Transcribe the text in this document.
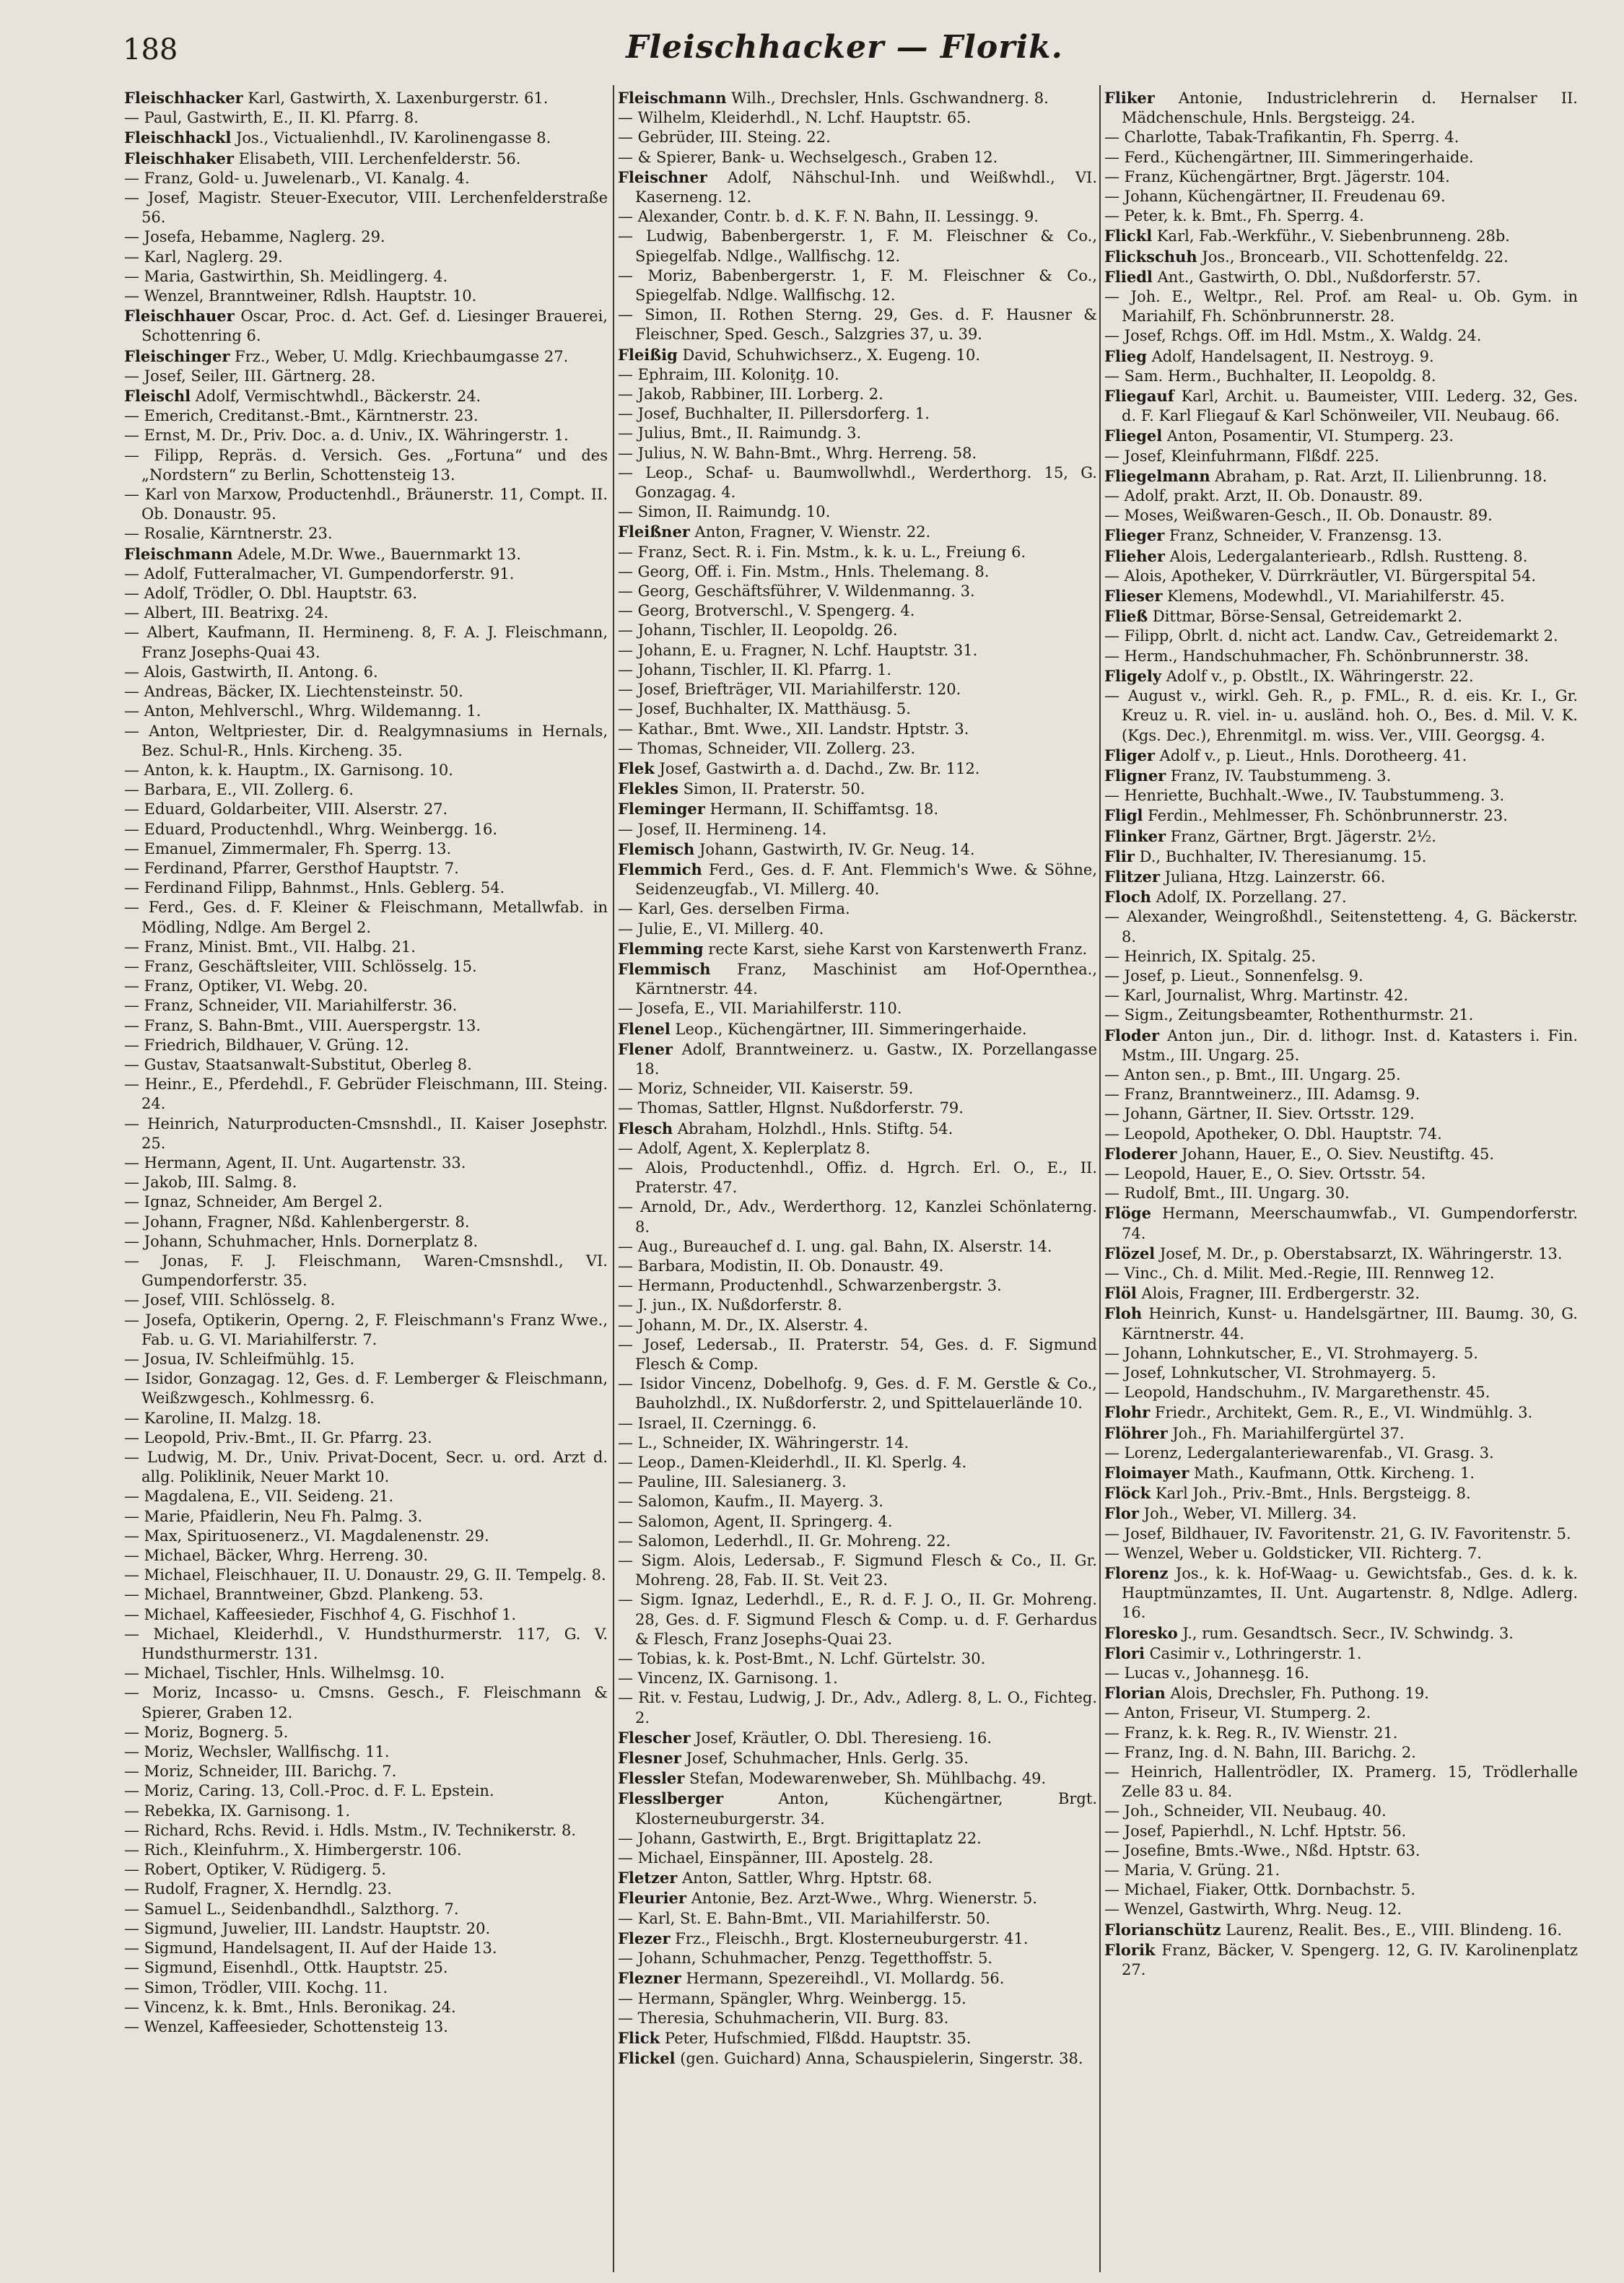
188	Fleischhacker — Florik.
Fleischhacker Karl, Gastwirth, X. Laxenburgerstr. 61.
— Paul, Gastwirth, E., II. Kl. Pfarrg. 8.
Fleischhackl Jos., Victualienhdl., IV. Karolinengasse 8.
Fleischhaker Elisabeth, VIII. Lerchenfelderstr. 56.
— Franz, Gold- u. Juwelenarb., VI. Kanalg. 4.
— Josef, Magistr. Steuer-Executor, VIII. Lerchenfelderstraße 56.
— Josefa, Hebamme, Naglerg. 29.
— Karl, Naglerg. 29.
— Maria, Gastwirthin, Sh. Meidlingerg. 4.
— Wenzel, Branntweiner, Rdlsh. Hauptstr. 10.
Fleischhauer Oscar, Proc. d. Act. Gef. d. Liesinger Brauerei, Schottenring 6.
Fleischinger Frz., Weber, U. Mdlg. Kriechbaumgasse 27.
— Josef, Seiler, III. Gärtnerg. 28.
Fleischl Adolf, Vermischtwhdl., Bäckerstr. 24.
— Emerich, Creditanst.-Bmt., Kärntnerstr. 23.
— Ernst, M. Dr., Priv. Doc. a. d. Univ., IX. Währingerstr. 1.
— Filipp, Repräs. d. Versich. Ges. „Fortuna“ und des „Nordstern“ zu Berlin, Schottensteig 13.
— Karl von Marxow, Productenhdl., Bräunerstr. 11, Compt. II. Ob. Donaustr. 95.
— Rosalie, Kärntnerstr. 23.
Fleischmann Adele, M.Dr. Wwe., Bauernmarkt 13.
— Adolf, Futteralmacher, VI. Gumpendorferstr. 91.
— Adolf, Trödler, O. Dbl. Hauptstr. 63.
— Albert, III. Beatrixg. 24.
— Albert, Kaufmann, II. Hermineng. 8, F. A. J. Fleischmann, Franz Josephs-Quai 43.
— Alois, Gastwirth, II. Antong. 6.
— Andreas, Bäcker, IX. Liechtensteinstr. 50.
— Anton, Mehlverschl., Whrg. Wildemanng. 1.
— Anton, Weltpriester, Dir. d. Realgymnasiums in Hernals, Bez. Schul-R., Hnls. Kircheng. 35.
— Anton, k. k. Hauptm., IX. Garnisong. 10.
— Barbara, E., VII. Zollerg. 6.
— Eduard, Goldarbeiter, VIII. Alserstr. 27.
— Eduard, Productenhdl., Whrg. Weinbergg. 16.
— Emanuel, Zimmermaler, Fh. Sperrg. 13.
— Ferdinand, Pfarrer, Gersthof Hauptstr. 7.
— Ferdinand Filipp, Bahnmst., Hnls. Geblerg. 54.
— Ferd., Ges. d. F. Kleiner & Fleischmann, Metallwfab. in Mödling, Ndlge. Am Bergel 2.
— Franz, Minist. Bmt., VII. Halbg. 21.
— Franz, Geschäftsleiter, VIII. Schlösselg. 15.
— Franz, Optiker, VI. Webg. 20.
— Franz, Schneider, VII. Mariahilferstr. 36.
— Franz, S. Bahn-Bmt., VIII. Auerspergstr. 13.
— Friedrich, Bildhauer, V. Grüng. 12.
— Gustav, Staatsanwalt-Substitut, Oberleg 8.
— Heinr., E., Pferdehdl., F. Gebrüder Fleischmann, III. Steing. 24.
— Heinrich, Naturproducten-Cmsnshdl., II. Kaiser Josephstr. 25.
— Hermann, Agent, II. Unt. Augartenstr. 33.
— Jakob, III. Salmg. 8.
— Ignaz, Schneider, Am Bergel 2.
— Johann, Fragner, Nßd. Kahlenbergerstr. 8.
— Johann, Schuhmacher, Hnls. Dornerplatz 8.
— Jonas, F. J. Fleischmann, Waren-Cmsnshdl., VI. Gumpendorferstr. 35.
— Josef, VIII. Schlösselg. 8.
— Josefa, Optikerin, Operng. 2, F. Fleischmann's Franz Wwe., Fab. u. G. VI. Mariahilferstr. 7.
— Josua, IV. Schleifmühlg. 15.
— Isidor, Gonzagag. 12, Ges. d. F. Lemberger & Fleischmann, Weißzwgesch., Kohlmessrg. 6.
— Karoline, II. Malzg. 18.
— Leopold, Priv.-Bmt., II. Gr. Pfarrg. 23.
— Ludwig, M. Dr., Univ. Privat-Docent, Secr. u. ord. Arzt d. allg. Poliklinik, Neuer Markt 10.
— Magdalena, E., VII. Seideng. 21.
— Marie, Pfaidlerin, Neu Fh. Palmg. 3.
— Max, Spirituosenerz., VI. Magdalenenstr. 29.
— Michael, Bäcker, Whrg. Herreng. 30.
— Michael, Fleischhauer, II. U. Donaustr. 29, G. II. Tempelg. 8.
— Michael, Branntweiner, Gbzd. Plankeng. 53.
— Michael, Kaffeesieder, Fischhof 4, G. Fischhof 1.
— Michael, Kleiderhdl., V. Hundsthurmerstr. 117, G. V. Hundsthurmerstr. 131.
— Michael, Tischler, Hnls. Wilhelmsg. 10.
— Moriz, Incasso- u. Cmsns. Gesch., F. Fleischmann & Spierer, Graben 12.
— Moriz, Bognerg. 5.
— Moriz, Wechsler, Wallfischg. 11.
— Moriz, Schneider, III. Barichg. 7.
— Moriz, Caring. 13, Coll.-Proc. d. F. L. Epstein.
— Rebekka, IX. Garnisong. 1.
— Richard, Rchs. Revid. i. Hdls. Mstm., IV. Technikerstr. 8.
— Rich., Kleinfuhrm., X. Himbergerstr. 106.
— Robert, Optiker, V. Rüdigerg. 5.
— Rudolf, Fragner, X. Herndlg. 23.
— Samuel L., Seidenbandhdl., Salzthorg. 7.
— Sigmund, Juwelier, III. Landstr. Hauptstr. 20.
— Sigmund, Handelsagent, II. Auf der Haide 13.
— Sigmund, Eisenhdl., Ottk. Hauptstr. 25.
— Simon, Trödler, VIII. Kochg. 11.
— Vincenz, k. k. Bmt., Hnls. Beronikag. 24.
— Wenzel, Kaffeesieder, Schottensteig 13.
Fleischmann Wilh., Drechsler, Hnls. Gschwandnerg. 8.
— Wilhelm, Kleiderhdl., N. Lchf. Hauptstr. 65.
— Gebrüder, III. Steing. 22.
— & Spierer, Bank- u. Wechselgesch., Graben 12.
Fleischner Adolf, Nähschul-Inh. und Weißwhdl., VI. Kaserneng. 12.
— Alexander, Contr. b. d. K. F. N. Bahn, II. Lessingg. 9.
— Ludwig, Babenbergerstr. 1, F. M. Fleischner & Co., Spiegelfab. Ndlge., Wallfischg. 12.
— Moriz, Babenbergerstr. 1, F. M. Fleischner & Co., Spiegelfab. Ndlge. Wallfischg. 12.
— Simon, II. Rothen Sterng. 29, Ges. d. F. Hausner & Fleischner, Sped. Gesch., Salzgries 37, u. 39.
Fleißig David, Schuhwichserz., X. Eugeng. 10.
— Ephraim, III. Koloniţg. 10.
— Jakob, Rabbiner, III. Lorberg. 2.
— Josef, Buchhalter, II. Pillersdorferg. 1.
— Julius, Bmt., II. Raimundg. 3.
— Julius, N. W. Bahn-Bmt., Whrg. Herreng. 58.
— Leop., Schaf- u. Baumwollwhdl., Werderthorg. 15, G. Gonzagag. 4.
— Simon, II. Raimundg. 10.
Fleißner Anton, Fragner, V. Wienstr. 22.
— Franz, Sect. R. i. Fin. Mstm., k. k. u. L., Freiung 6.
— Georg, Off. i. Fin. Mstm., Hnls. Thelemang. 8.
— Georg, Geschäftsführer, V. Wildenmanng. 3.
— Georg, Brotverschl., V. Spengerg. 4.
— Johann, Tischler, II. Leopoldg. 26.
— Johann, E. u. Fragner, N. Lchf. Hauptstr. 31.
— Johann, Tischler, II. Kl. Pfarrg. 1.
— Josef, Briefträger, VII. Mariahilferstr. 120.
— Josef, Buchhalter, IX. Matthäusg. 5.
— Kathar., Bmt. Wwe., XII. Landstr. Hptstr. 3.
— Thomas, Schneider, VII. Zollerg. 23.
Flek Josef, Gastwirth a. d. Dachd., Zw. Br. 112.
Flekles Simon, II. Praterstr. 50.
Fleminger Hermann, II. Schiffamtsg. 18.
— Josef, II. Hermineng. 14.
Flemisch Johann, Gastwirth, IV. Gr. Neug. 14.
Flemmich Ferd., Ges. d. F. Ant. Flemmich's Wwe. & Söhne, Seidenzeugfab., VI. Millerg. 40.
— Karl, Ges. derselben Firma.
— Julie, E., VI. Millerg. 40.
Flemming recte Karst, siehe Karst von Karstenwerth Franz.
Flemmisch Franz, Maschinist am Hof-Opernthea., Kärntnerstr. 44.
— Josefa, E., VII. Mariahilferstr. 110.
Flenel Leop., Küchengärtner, III. Simmeringerhaide.
Flener Adolf, Branntweinerz. u. Gastw., IX. Porzellangasse 18.
— Moriz, Schneider, VII. Kaiserstr. 59.
— Thomas, Sattler, Hlgnst. Nußdorferstr. 79.
Flesch Abraham, Holzhdl., Hnls. Stiftg. 54.
— Adolf, Agent, X. Keplerplatz 8.
— Alois, Productenhdl., Offiz. d. Hgrch. Erl. O., E., II. Praterstr. 47.
— Arnold, Dr., Adv., Werderthorg. 12, Kanzlei Schönlaterng. 8.
— Aug., Bureauchef d. I. ung. gal. Bahn, IX. Alserstr. 14.
— Barbara, Modistin, II. Ob. Donaustr. 49.
— Hermann, Productenhdl., Schwarzenbergstr. 3.
— J. jun., IX. Nußdorferstr. 8.
— Johann, M. Dr., IX. Alserstr. 4.
— Josef, Ledersab., II. Praterstr. 54, Ges. d. F. Sigmund Flesch & Comp.
— Isidor Vincenz, Dobelhofg. 9, Ges. d. F. M. Gerstle & Co., Bauholzhdl., IX. Nußdorferstr. 2, und Spittelauerlände 10.
— Israel, II. Czerningg. 6.
— L., Schneider, IX. Währingerstr. 14.
— Leop., Damen-Kleiderhdl., II. Kl. Sperlg. 4.
— Pauline, III. Salesianerg. 3.
— Salomon, Kaufm., II. Mayerg. 3.
— Salomon, Agent, II. Springerg. 4.
— Salomon, Lederhdl., II. Gr. Mohreng. 22.
— Sigm. Alois, Ledersab., F. Sigmund Flesch & Co., II. Gr. Mohreng. 28, Fab. II. St. Veit 23.
— Sigm. Ignaz, Lederhdl., E., R. d. F. J. O., II. Gr. Mohreng. 28, Ges. d. F. Sigmund Flesch & Comp. u. d. F. Gerhardus & Flesch, Franz Josephs-Quai 23.
— Tobias, k. k. Post-Bmt., N. Lchf. Gürtelstr. 30.
— Vincenz, IX. Garnisong. 1.
— Rit. v. Festau, Ludwig, J. Dr., Adv., Adlerg. 8, L. O., Fichteg. 2.
Flescher Josef, Kräutler, O. Dbl. Theresieng. 16.
Flesner Josef, Schuhmacher, Hnls. Gerlg. 35.
Flessler Stefan, Modewarenweber, Sh. Mühlbachg. 49.
Flesslberger Anton, Küchengärtner, Brgt. Klosterneuburgerstr. 34.
— Johann, Gastwirth, E., Brgt. Brigittaplatz 22.
— Michael, Einspänner, III. Apostelg. 28.
Fletzer Anton, Sattler, Whrg. Hptstr. 68.
Fleurier Antonie, Bez. Arzt-Wwe., Whrg. Wienerstr. 5.
— Karl, St. E. Bahn-Bmt., VII. Mariahilferstr. 50.
Flezer Frz., Fleischh., Brgt. Klosterneuburgerstr. 41.
— Johann, Schuhmacher, Penzg. Tegetthoffstr. 5.
Flezner Hermann, Spezereihdl., VI. Mollardg. 56.
— Hermann, Spängler, Whrg. Weinbergg. 15.
— Theresia, Schuhmacherin, VII. Burg. 83.
Flick Peter, Hufschmied, Flßdd. Hauptstr. 35.
Flickel (gen. Guichard) Anna, Schauspielerin, Singerstr. 38.
Fliker Antonie, Industriclehrerin d. Hernalser II. Mädchenschule, Hnls. Bergsteigg. 24.
— Charlotte, Tabak-Trafikantin, Fh. Sperrg. 4.
— Ferd., Küchengärtner, III. Simmeringerhaide.
— Franz, Küchengärtner, Brgt. Jägerstr. 104.
— Johann, Küchengärtner, II. Freudenau 69.
— Peter, k. k. Bmt., Fh. Sperrg. 4.
Flickl Karl, Fab.-Werkführ., V. Siebenbrunneng. 28b.
Flickschuh Jos., Broncearb., VII. Schottenfeldg. 22.
Fliedl Ant., Gastwirth, O. Dbl., Nußdorferstr. 57.
— Joh. E., Weltpr., Rel. Prof. am Real- u. Ob. Gym. in Mariahilf, Fh. Schönbrunnerstr. 28.
— Josef, Rchgs. Off. im Hdl. Mstm., X. Waldg. 24.
Flieg Adolf, Handelsagent, II. Nestroyg. 9.
— Sam. Herm., Buchhalter, II. Leopoldg. 8.
Fliegauf Karl, Archit. u. Baumeister, VIII. Lederg. 32, Ges. d. F. Karl Fliegauf & Karl Schönweiler, VII. Neubaug. 66.
Fliegel Anton, Posamentir, VI. Stumperg. 23.
— Josef, Kleinfuhrmann, Flßdf. 225.
Fliegelmann Abraham, p. Rat. Arzt, II. Lilienbrunng. 18.
— Adolf, prakt. Arzt, II. Ob. Donaustr. 89.
— Moses, Weißwaren-Gesch., II. Ob. Donaustr. 89.
Flieger Franz, Schneider, V. Franzensg. 13.
Flieher Alois, Ledergalanteriearb., Rdlsh. Rustteng. 8.
— Alois, Apotheker, V. Dürrkräutler, VI. Bürgerspital 54.
Flieser Klemens, Modewhdl., VI. Mariahilferstr. 45.
Fließ Dittmar, Börse-Sensal, Getreidemarkt 2.
— Filipp, Obrlt. d. nicht act. Landw. Cav., Getreidemarkt 2.
— Herm., Handschuhmacher, Fh. Schönbrunnerstr. 38.
Fligely Adolf v., p. Obstlt., IX. Währingerstr. 22.
— August v., wirkl. Geh. R., p. FML., R. d. eis. Kr. I., Gr. Kreuz u. R. viel. in- u. ausländ. hoh. O., Bes. d. Mil. V. K. (Kgs. Dec.), Ehrenmitgl. m. wiss. Ver., VIII. Georgsg. 4.
Fliger Adolf v., p. Lieut., Hnls. Dorotheerg. 41.
Fligner Franz, IV. Taubstummeng. 3.
— Henriette, Buchhalt.-Wwe., IV. Taubstummeng. 3.
Fligl Ferdin., Mehlmesser, Fh. Schönbrunnerstr. 23.
Flinker Franz, Gärtner, Brgt. Jägerstr. 2½.
Flir D., Buchhalter, IV. Theresianumg. 15.
Flitzer Juliana, Htzg. Lainzerstr. 66.
Floch Adolf, IX. Porzellang. 27.
— Alexander, Weingroßhdl., Seitenstetteng. 4, G. Bäckerstr. 8.
— Heinrich, IX. Spitalg. 25.
— Josef, p. Lieut., Sonnenfelsg. 9.
— Karl, Journalist, Whrg. Martinstr. 42.
— Sigm., Zeitungsbeamter, Rothenthurmstr. 21.
Floder Anton jun., Dir. d. lithogr. Inst. d. Katasters i. Fin. Mstm., III. Ungarg. 25.
— Anton sen., p. Bmt., III. Ungarg. 25.
— Franz, Branntweinerz., III. Adamsg. 9.
— Johann, Gärtner, II. Siev. Ortsstr. 129.
— Leopold, Apotheker, O. Dbl. Hauptstr. 74.
Floderer Johann, Hauer, E., O. Siev. Neustiftg. 45.
— Leopold, Hauer, E., O. Siev. Ortsstr. 54.
— Rudolf, Bmt., III. Ungarg. 30.
Flöge Hermann, Meerschaumwfab., VI. Gumpendorferstr. 74.
Flözel Josef, M. Dr., p. Oberstabsarzt, IX. Währingerstr. 13.
— Vinc., Ch. d. Milit. Med.-Regie, III. Rennweg 12.
Flöl Alois, Fragner, III. Erdbergerstr. 32.
Floh Heinrich, Kunst- u. Handelsgärtner, III. Baumg. 30, G. Kärntnerstr. 44.
— Johann, Lohnkutscher, E., VI. Strohmayerg. 5.
— Josef, Lohnkutscher, VI. Strohmayerg. 5.
— Leopold, Handschuhm., IV. Margarethenstr. 45.
Flohr Friedr., Architekt, Gem. R., E., VI. Windmühlg. 3.
Flöhrer Joh., Fh. Mariahilfergürtel 37.
— Lorenz, Ledergalanteriewarenfab., VI. Grasg. 3.
Floimayer Math., Kaufmann, Ottk. Kircheng. 1.
Flöck Karl Joh., Priv.-Bmt., Hnls. Bergsteigg. 8.
Flor Joh., Weber, VI. Millerg. 34.
— Josef, Bildhauer, IV. Favoritenstr. 21, G. IV. Favoritenstr. 5.
— Wenzel, Weber u. Goldsticker, VII. Richterg. 7.
Florenz Jos., k. k. Hof-Waag- u. Gewichtsfab., Ges. d. k. k. Hauptmünzamtes, II. Unt. Augartenstr. 8, Ndlge. Adlerg. 16.
Floresko J., rum. Gesandtsch. Secr., IV. Schwindg. 3.
Flori Casimir v., Lothringerstr. 1.
— Lucas v., Johanneşg. 16.
Florian Alois, Drechsler, Fh. Puthong. 19.
— Anton, Friseur, VI. Stumperg. 2.
— Franz, k. k. Reg. R., IV. Wienstr. 21.
— Franz, Ing. d. N. Bahn, III. Barichg. 2.
— Heinrich, Hallentrödler, IX. Pramerg. 15, Trödlerhalle Zelle 83 u. 84.
— Joh., Schneider, VII. Neubaug. 40.
— Josef, Papierhdl., N. Lchf. Hptstr. 56.
— Josefine, Bmts.-Wwe., Nßd. Hptstr. 63.
— Maria, V. Grüng. 21.
— Michael, Fiaker, Ottk. Dornbachstr. 5.
— Wenzel, Gastwirth, Whrg. Neug. 12.
Florianschütz Laurenz, Realit. Bes., E., VIII. Blindeng. 16.
Florik Franz, Bäcker, V. Spengerg. 12, G. IV. Karolinenplatz 27.
